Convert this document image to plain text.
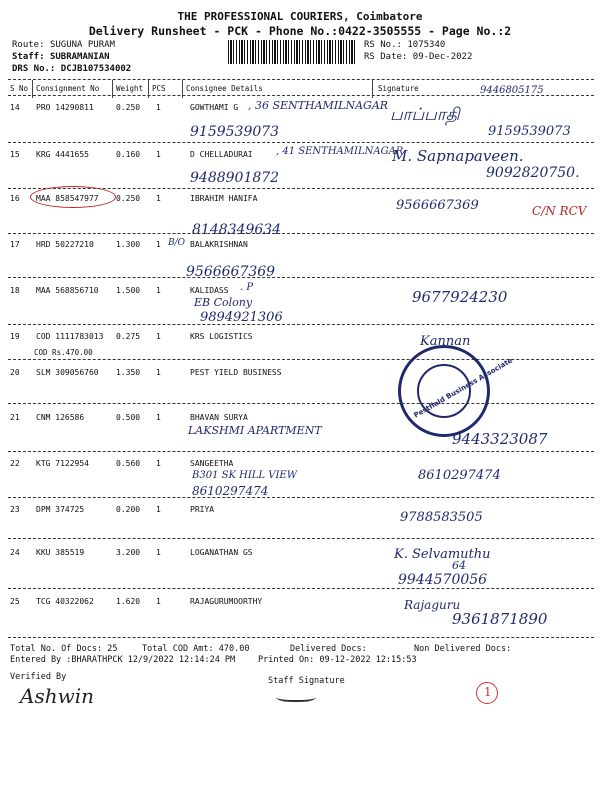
THE PROFESSIONAL COURIERS, Coimbatore
Delivery Runsheet - PCK - Phone No.:0422-3505555 - Page No.:2
Route: SUGUNA PURAM
Staff: SUBRAMANIAN
DRS No.: DCJB107534002
RS No.: 1075340
RS Date: 09-Dec-2022
S No Consignment No Weight PCS	Consignee Details	Signature
14 PRO 14290811	0.250 1	GOWTHAMI G , 36 SENTHAMILNAGAR
9159539073
9446805175
பாப்பாதி
9159539073
15 KRG 4441655	0.160 1	D CHELLADURAI , 41 SENTHAMILNAGAR
9488901872
M. Sapnapaveen.
9092820750.
16 MAA 858547977 0.250 1	IBRAHIM HANIFA
8148349634
9566667369	C/N RCV
17 HRD 50227210	1.300 1 B/O BALAKRISHNAN
9566667369
18 MAA 568856710 1.500 1	KALIDASS . P
EB Colony
9894921306
9677924230
19 COD 1111783013 0.275 1	KRS LOGISTICS
COD Rs.470.00
Kannan
20 SLM 309056760 1.350 1	PEST YIELD BUSINESS	Pestfield Business Associate
21 CNM 126586	0.500 1	BHAVAN SURYA
LAKSHMI APARTMENT	9443323087
22 KTG 7122954	0.560 1	SANGEETHA
B301 SK HILL VIEW
8610297474
8610297474
23 DPM 374725	0.200 1	PRIYA
9788583505
24 KKU 385519	3.200 1	LOGANATHAN GS	K. Selvamuthu
64
9944570056
25 TCG 40322062	1.620 1	RAJAGURUMOORTHY	Rajaguru
9361871890
Total No. Of Docs: 25	Total COD Amt: 470.00	Delivered Docs:	Non Delivered Docs:
Entered By :BHARATHPCK 12/9/2022 12:14:24 PM	Printed On: 09-12-2022 12:15:53
Verified By
Ashwin
Staff Signature
1
